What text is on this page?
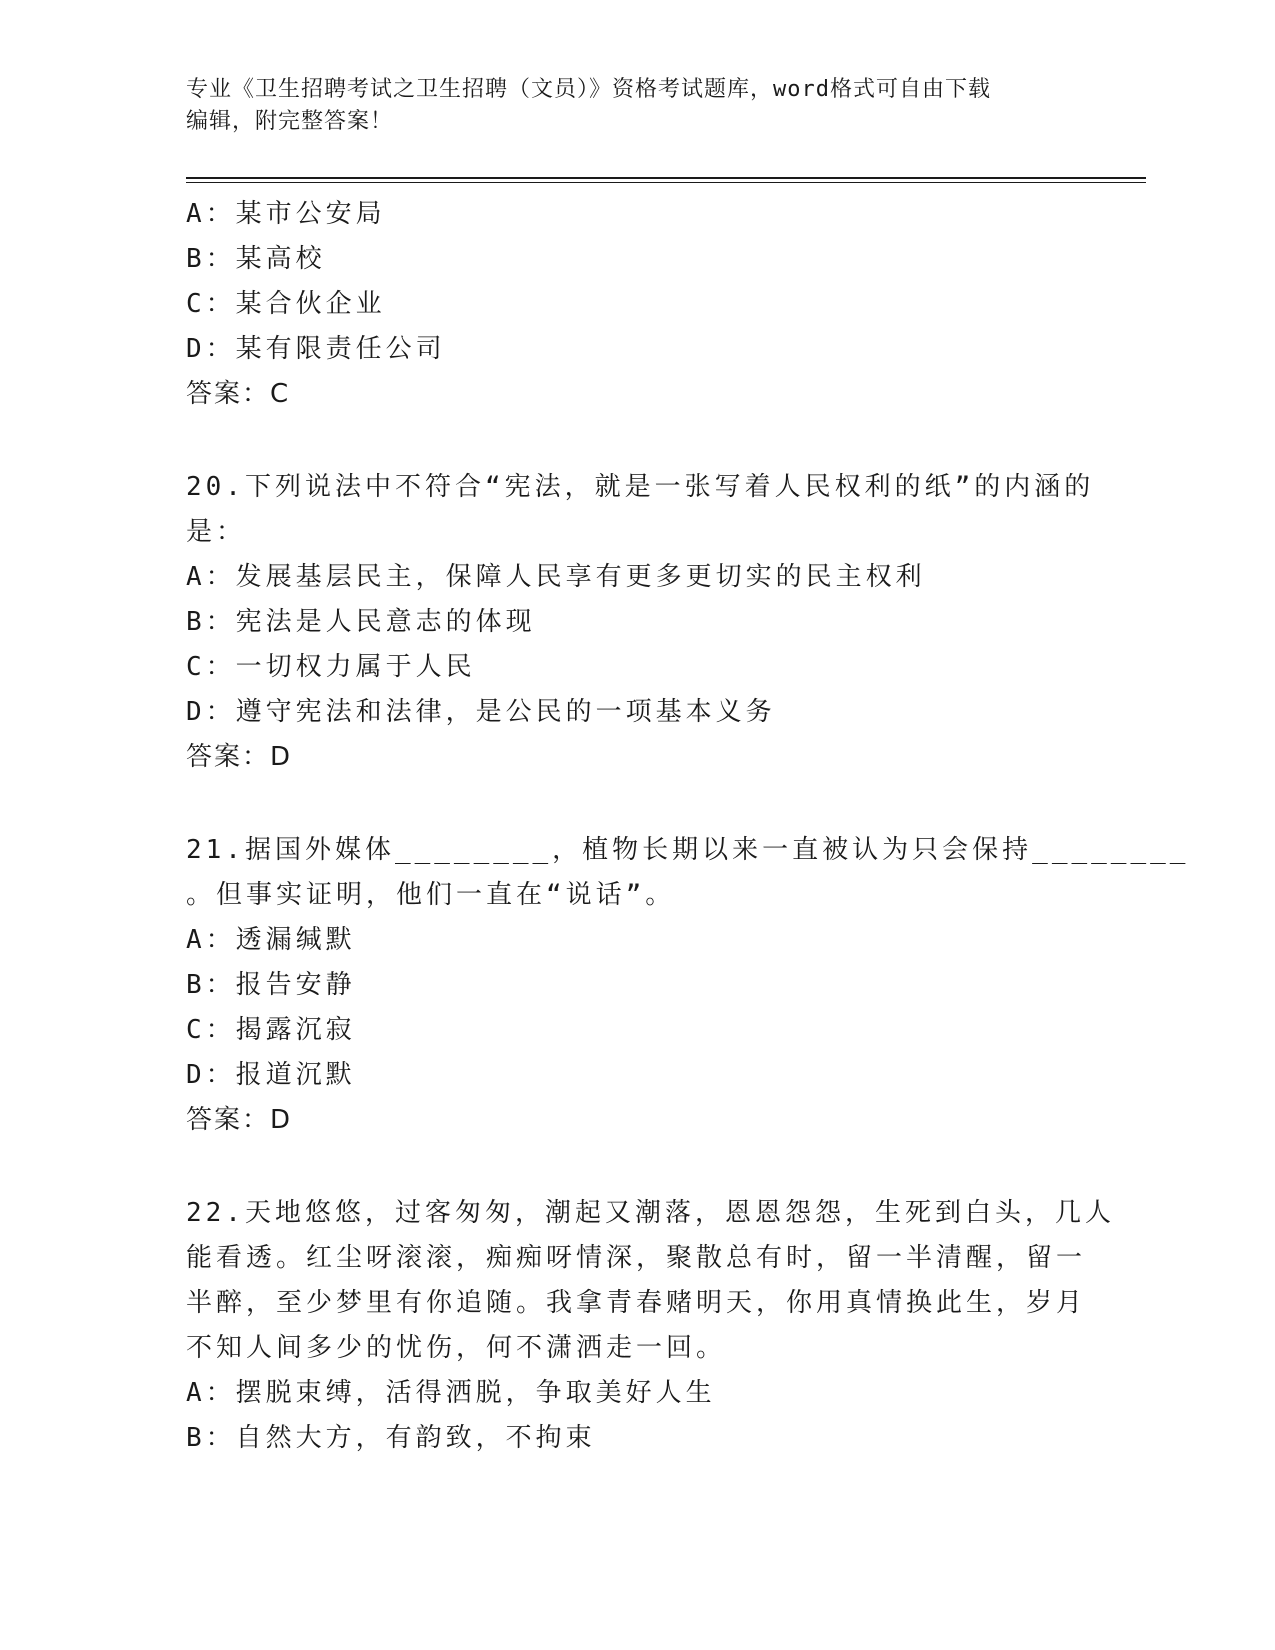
专业《卫生招聘考试之卫生招聘（文员）》资格考试题库，word格式可自由下载
编辑，附完整答案！
A：某市公安局
B：某高校
C：某合伙企业
D：某有限责任公司
答案：C
20.下列说法中不符合“宪法，就是一张写着人民权利的纸”的内涵的
是：
A：发展基层民主，保障人民享有更多更切实的民主权利
B：宪法是人民意志的体现
C：一切权力属于人民
D：遵守宪法和法律，是公民的一项基本义务
答案：D
21.据国外媒体________，植物长期以来一直被认为只会保持________
。但事实证明，他们一直在“说话”。
A：透漏缄默
B：报告安静
C：揭露沉寂
D：报道沉默
答案：D
22.天地悠悠，过客匆匆，潮起又潮落，恩恩怨怨，生死到白头，几人
能看透。红尘呀滚滚，痴痴呀情深，聚散总有时，留一半清醒，留一
半醉，至少梦里有你追随。我拿青春赌明天，你用真情换此生，岁月
不知人间多少的忧伤，何不潇洒走一回。
A：摆脱束缚，活得洒脱，争取美好人生
B：自然大方，有韵致，不拘束
